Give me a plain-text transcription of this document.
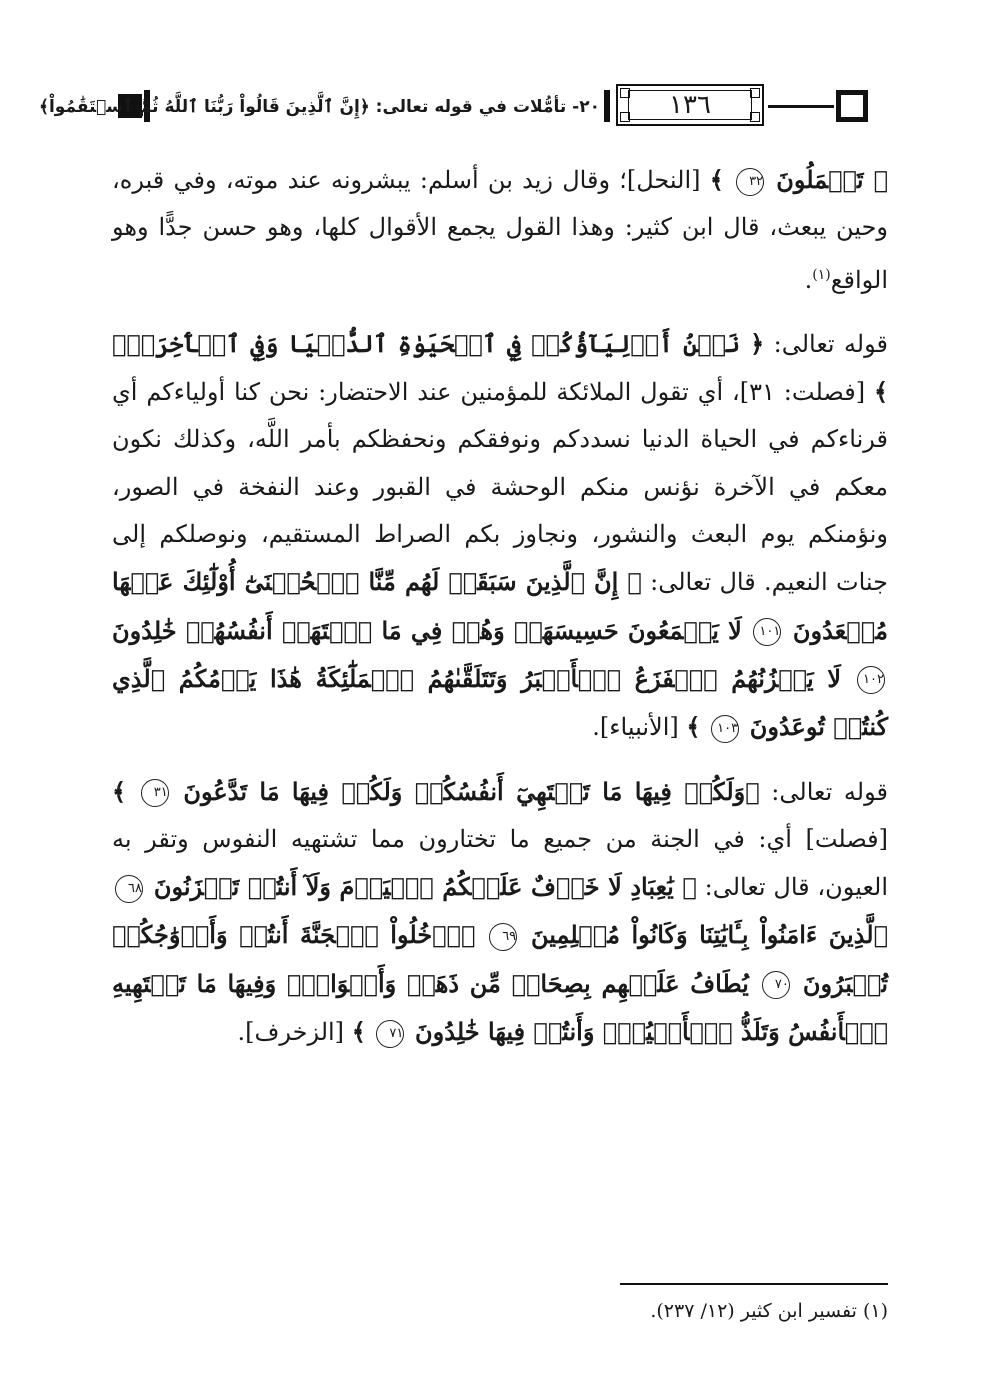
٢٠- تأمُّلات في قوله تعالى: ﴿إِنَّ ٱلَّذِينَ قَالُواْ رَبُّنَا ٱللَّهُ ثُمَّ ٱسۡتَقَٰمُواْ﴾	١٣٦

﴿ تَعۡمَلُونَ ٣٢ ﴾ [النحل]؛ وقال زيد بن أسلم: يبشرونه عند موته، وفي قبره، وحين يبعث، قال ابن كثير: وهذا القول يجمع الأقوال كلها، وهو حسن جدًّا وهو الواقع$^{(١)}$.

قوله تعالى: ﴿ نَحۡنُ أَوۡلِيَآؤُكُمۡ فِي ٱلۡحَيَوٰةِ ٱلدُّنۡيَا وَفِي ٱلۡأٓخِرَةِۖ ﴾ [فصلت: ٣١]، أي تقول الملائكة للمؤمنين عند الاحتضار: نحن كنا أولياءكم أي قرناءكم في الحياة الدنيا نسددكم ونوفقكم ونحفظكم بأمر اللَّه، وكذلك نكون معكم في الآخرة نؤنس منكم الوحشة في القبور وعند النفخة في الصور، ونؤمنكم يوم البعث والنشور، ونجاوز بكم الصراط المستقيم، ونوصلكم إلى جنات النعيم. قال تعالى: ﴿ إِنَّ ٱلَّذِينَ سَبَقَتۡ لَهُم مِّنَّا ٱلۡحُسۡنَىٰٓ أُوْلَٰٓئِكَ عَنۡهَا مُبۡعَدُونَ ١٠١ لَا يَسۡمَعُونَ حَسِيسَهَاۖ وَهُمۡ فِي مَا ٱشۡتَهَتۡ أَنفُسُهُمۡ خَٰلِدُونَ ١٠٢ لَا يَحۡزُنُهُمُ ٱلۡفَزَعُ ٱلۡأَكۡبَرُ وَتَتَلَقَّىٰهُمُ ٱلۡمَلَٰٓئِكَةُ هَٰذَا يَوۡمُكُمُ ٱلَّذِي كُنتُمۡ تُوعَدُونَ ١٠٣ ﴾ [الأنبياء].

قوله تعالى: ﴿وَلَكُمۡ فِيهَا مَا تَشۡتَهِيٓ أَنفُسُكُمۡ وَلَكُمۡ فِيهَا مَا تَدَّعُونَ ٣١ ﴾ [فصلت] أي: في الجنة من جميع ما تختارون مما تشتهيه النفوس وتقر به العيون، قال تعالى: ﴿ يَٰعِبَادِ لَا خَوۡفٌ عَلَيۡكُمُ ٱلۡيَوۡمَ وَلَآ أَنتُمۡ تَحۡزَنُونَ ٦٨ ٱلَّذِينَ ءَامَنُواْ بِـَٔايَٰتِنَا وَكَانُواْ مُسۡلِمِينَ ٦٩ ٱدۡخُلُواْ ٱلۡجَنَّةَ أَنتُمۡ وَأَزۡوَٰجُكُمۡ تُحۡبَرُونَ ٧٠ يُطَافُ عَلَيۡهِم بِصِحَافٖ مِّن ذَهَبٖ وَأَكۡوَابٖۖ وَفِيهَا مَا تَشۡتَهِيهِ ٱلۡأَنفُسُ وَتَلَذُّ ٱلۡأَعۡيُنُۖ وَأَنتُمۡ فِيهَا خَٰلِدُونَ ٧١ ﴾ [الزخرف].

(١) تفسير ابن كثير (١٢/ ٢٣٧).
